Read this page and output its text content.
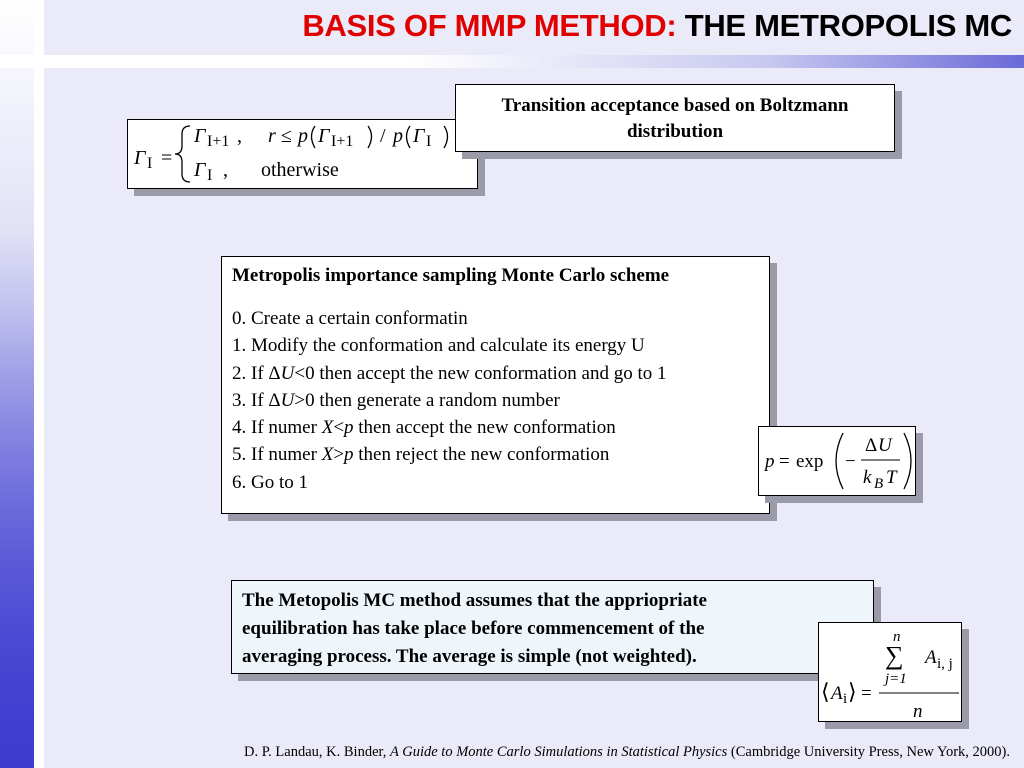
BASIS OF MMP METHOD: THE METROPOLIS MC
Γ I =
Γ I+1 , r ≤ p Γ I+1 / p Γ I
Γ I , otherwise
Transition acceptance based on Boltzmann distribution
Metropolis importance sampling Monte Carlo scheme
0. Create a certain conformatin
1. Modify the conformation and calculate its energy U
2. If ΔU<0 then accept the new conformation and go to 1
3. If ΔU>0 then generate a random number
4. If numer X<p then accept the new conformation
5. If numer X>p then reject the new conformation
6. Go to 1
p = exp −
Δ U
k B T
The Metopolis MC method assumes that the appriopriate
equilibration has take place before commencement of the
averaging process. The average is simple (not weighted).
n
∑ A i, j
j=1
⟨ A i ⟩ =
n
D. P. Landau, K. Binder, A Guide to Monte Carlo Simulations in Statistical Physics (Cambridge University Press, New York, 2000).
